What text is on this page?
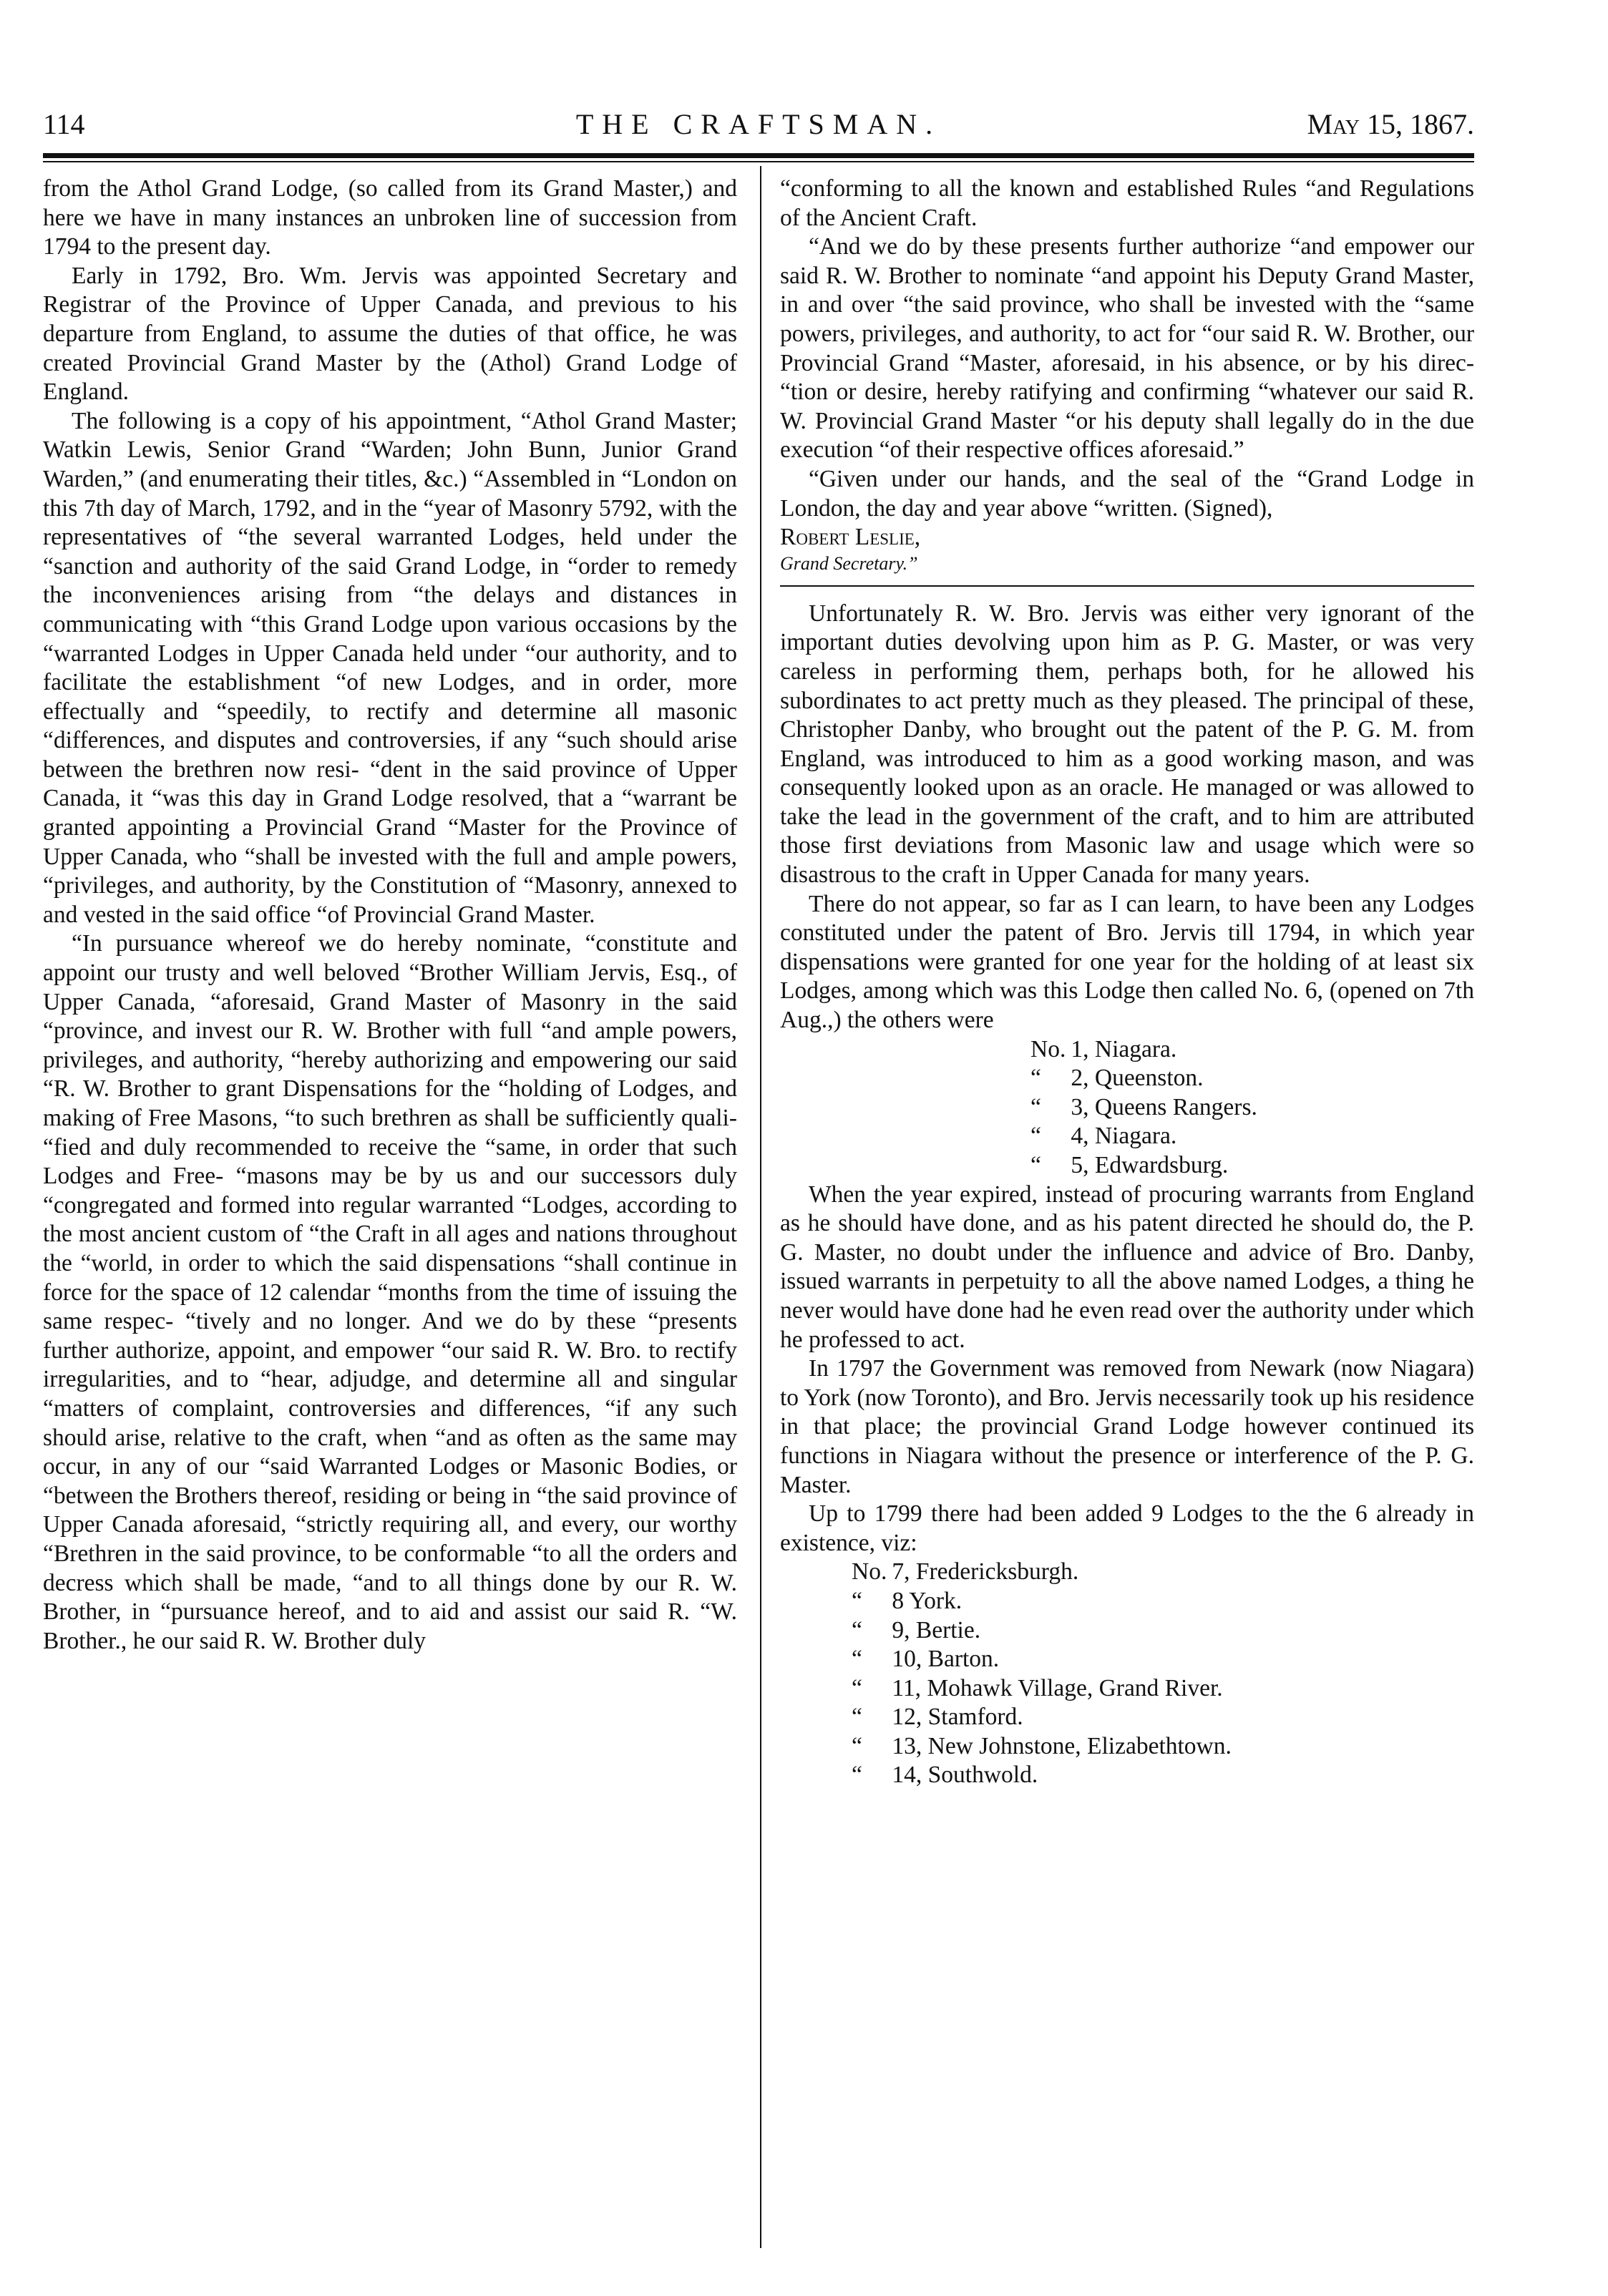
THE CRAFTSMAN.
114	May 15, 1867.

from the Athol Grand Lodge, (so called from its Grand Master,) and here we have in many instances an unbroken line of succession from 1794 to the present day.

Early in 1792, Bro. Wm. Jervis was appointed Secretary and Registrar of the Province of Upper Canada, and previous to his departure from England, to assume the duties of that office, he was created Provincial Grand Master by the (Athol) Grand Lodge of England.

The following is a copy of his appointment, “Athol Grand Master; Watkin Lewis, Senior Grand “Warden; John Bunn, Junior Grand Warden,” (and enumerating their titles, &c.) “Assembled in “London on this 7th day of March, 1792, and in the “year of Masonry 5792, with the representatives of “the several warranted Lodges, held under the “sanction and authority of the said Grand Lodge, in “order to remedy the inconveniences arising from “the delays and distances in communicating with “this Grand Lodge upon various occasions by the “warranted Lodges in Upper Canada held under “our authority, and to facilitate the establishment “of new Lodges, and in order, more effectually and “speedily, to rectify and determine all masonic “differences, and disputes and controversies, if any “such should arise between the brethren now resi- “dent in the said province of Upper Canada, it “was this day in Grand Lodge resolved, that a “warrant be granted appointing a Provincial Grand “Master for the Province of Upper Canada, who “shall be invested with the full and ample powers, “privileges, and authority, by the Constitution of “Masonry, annexed to and vested in the said office “of Provincial Grand Master.

“In pursuance whereof we do hereby nominate, “constitute and appoint our trusty and well beloved “Brother William Jervis, Esq., of Upper Canada, “aforesaid, Grand Master of Masonry in the said “province, and invest our R. W. Brother with full “and ample powers, privileges, and authority, “hereby authorizing and empowering our said “R. W. Brother to grant Dispensations for the “holding of Lodges, and making of Free Masons, “to such brethren as shall be sufficiently quali- “fied and duly recommended to receive the “same, in order that such Lodges and Free- “masons may be by us and our successors duly “congregated and formed into regular warranted “Lodges, according to the most ancient custom of “the Craft in all ages and nations throughout the “world, in order to which the said dispensations “shall continue in force for the space of 12 calendar “months from the time of issuing the same respec- “tively and no longer. And we do by these “presents further authorize, appoint, and empower “our said R. W. Bro. to rectify irregularities, and to “hear, adjudge, and determine all and singular “matters of complaint, controversies and differences, “if any such should arise, relative to the craft, when “and as often as the same may occur, in any of our “said Warranted Lodges or Masonic Bodies, or “between the Brothers thereof, residing or being in “the said province of Upper Canada aforesaid, “strictly requiring all, and every, our worthy “Brethren in the said province, to be conformable “to all the orders and decress which shall be made, “and to all things done by our R. W. Brother, in “pursuance hereof, and to aid and assist our said R. “W. Brother., he our said R. W. Brother duly

“conforming to all the known and established Rules “and Regulations of the Ancient Craft.

“And we do by these presents further authorize “and empower our said R. W. Brother to nominate “and appoint his Deputy Grand Master, in and over “the said province, who shall be invested with the “same powers, privileges, and authority, to act for “our said R. W. Brother, our Provincial Grand “Master, aforesaid, in his absence, or by his direc- “tion or desire, hereby ratifying and confirming “whatever our said R. W. Provincial Grand Master “or his deputy shall legally do in the due execution “of their respective offices aforesaid.”

“Given under our hands, and the seal of the “Grand Lodge in London, the day and year above “written. (Signed),

Robert Leslie,

Grand Secretary.”

Unfortunately R. W. Bro. Jervis was either very ignorant of the important duties devolving upon him as P. G. Master, or was very careless in performing them, perhaps both, for he allowed his subordinates to act pretty much as they pleased. The principal of these, Christopher Danby, who brought out the patent of the P. G. M. from England, was introduced to him as a good working mason, and was consequently looked upon as an oracle. He managed or was allowed to take the lead in the government of the craft, and to him are attributed those first deviations from Masonic law and usage which were so disastrous to the craft in Upper Canada for many years.

There do not appear, so far as I can learn, to have been any Lodges constituted under the patent of Bro. Jervis till 1794, in which year dispensations were granted for one year for the holding of at least six Lodges, among which was this Lodge then called No. 6, (opened on 7th Aug.,) the others were

No. 1, Niagara.
“ 2, Queenston.
“ 3, Queens Rangers.
“ 4, Niagara.
“ 5, Edwardsburg.

When the year expired, instead of procuring warrants from England as he should have done, and as his patent directed he should do, the P. G. Master, no doubt under the influence and advice of Bro. Danby, issued warrants in perpetuity to all the above named Lodges, a thing he never would have done had he even read over the authority under which he professed to act.

In 1797 the Government was removed from Newark (now Niagara) to York (now Toronto), and Bro. Jervis necessarily took up his residence in that place; the provincial Grand Lodge however continued its functions in Niagara without the presence or interference of the P. G. Master.

Up to 1799 there had been added 9 Lodges to the the 6 already in existence, viz:

No. 7, Fredericksburgh.
“ 8 York.
“ 9, Bertie.
“ 10, Barton.
“ 11, Mohawk Village, Grand River.
“ 12, Stamford.
“ 13, New Johnstone, Elizabethtown.
“ 14, Southwold.
